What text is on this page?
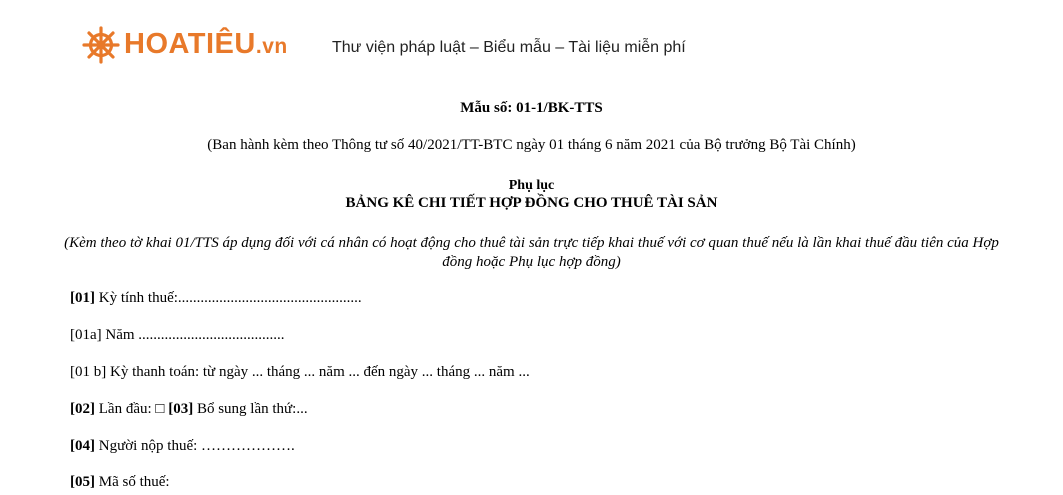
HOATIÊU.vn	Thư viện pháp luật – Biểu mẫu – Tài liệu miễn phí
Mẫu số: 01-1/BK-TTS
(Ban hành kèm theo Thông tư số 40/2021/TT-BTC ngày 01 tháng 6 năm 2021 của Bộ trưởng Bộ Tài Chính)
Phụ lục
BẢNG KÊ CHI TIẾT HỢP ĐỒNG CHO THUÊ TÀI SẢN
(Kèm theo tờ khai 01/TTS áp dụng đối với cá nhân có hoạt động cho thuê tài sản trực tiếp khai thuế với cơ quan thuế nếu là lần khai thuế đầu tiên của Hợp đồng hoặc Phụ lục hợp đồng)
[01] Kỳ tính thuế:.................................................
[01a] Năm .......................................
[01 b] Kỳ thanh toán: từ ngày ... tháng ... năm ... đến ngày ... tháng ... năm ...
[02] Lần đầu: □ [03] Bổ sung lần thứ:...
[04] Người nộp thuế: ……………….
[05] Mã số thuế:
